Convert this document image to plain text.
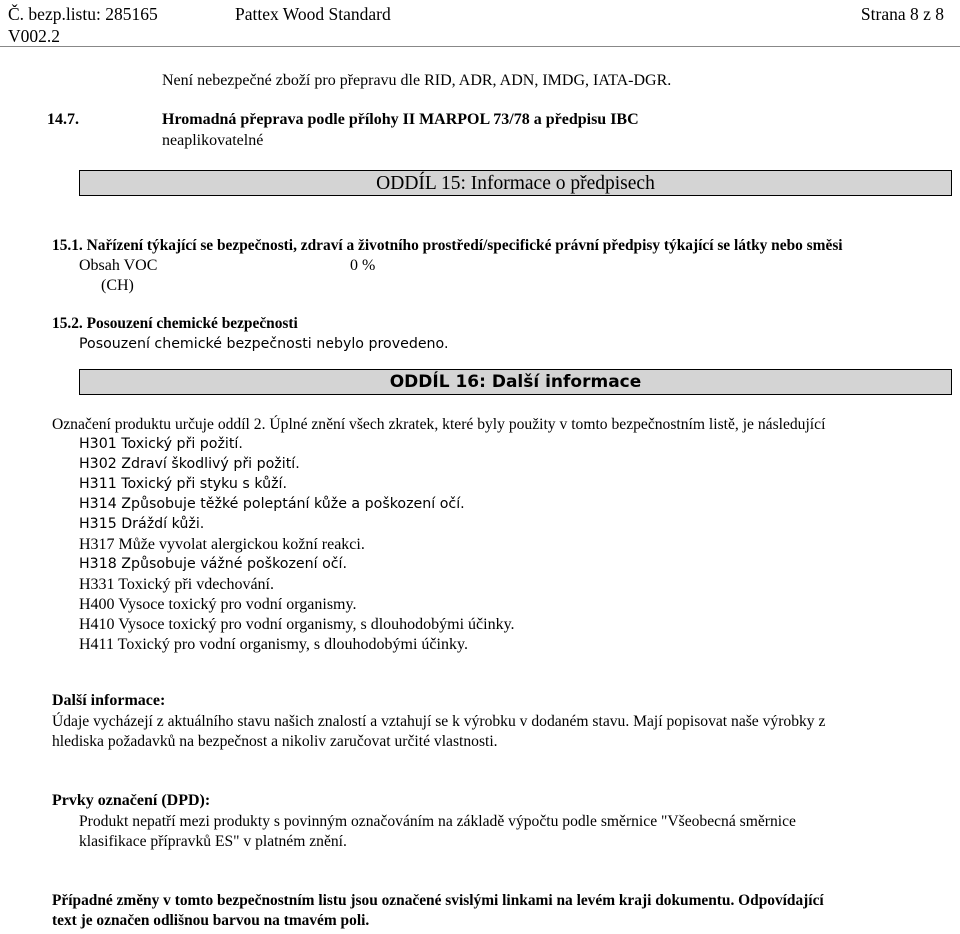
Č. bezp.listu: 285165
V002.2
Pattex Wood Standard	Strana 8 z 8
Není nebezpečné zboží pro přepravu dle RID, ADR, ADN, IMDG, IATA-DGR.
14.7.	Hromadná přeprava podle přílohy II MARPOL 73/78 a předpisu IBC
neaplikovatelné
ODDÍL 15: Informace o předpisech
15.1. Nařízení týkající se bezpečnosti, zdraví a životního prostředí/specifické právní předpisy týkající se látky nebo směsi
Obsah VOC	0 %
(CH)
15.2. Posouzení chemické bezpečnosti
Posouzení chemické bezpečnosti nebylo provedeno.
ODDÍL 16: Další informace
Označení produktu určuje oddíl 2. Úplné znění všech zkratek, které byly použity v tomto bezpečnostním listě, je následující
H301 Toxický při požití.
H302 Zdraví škodlivý při požití.
H311 Toxický při styku s kůží.
H314 Způsobuje těžké poleptání kůže a poškození očí.
H315 Dráždí kůži.
H317 Může vyvolat alergickou kožní reakci.
H318 Způsobuje vážné poškození očí.
H331 Toxický při vdechování.
H400 Vysoce toxický pro vodní organismy.
H410 Vysoce toxický pro vodní organismy, s dlouhodobými účinky.
H411 Toxický pro vodní organismy, s dlouhodobými účinky.
Další informace:
Údaje vycházejí z aktuálního stavu našich znalostí a vztahují se k výrobku v dodaném stavu. Mají popisovat naše výrobky z
hlediska požadavků na bezpečnost a nikoliv zaručovat určité vlastnosti.
Prvky označení (DPD):
Produkt nepatří mezi produkty s povinným označováním na základě výpočtu podle směrnice "Všeobecná směrnice
klasifikace přípravků ES" v platném znění.
Případné změny v tomto bezpečnostním listu jsou označené svislými linkami na levém kraji dokumentu. Odpovídající
text je označen odlišnou barvou na tmavém poli.
